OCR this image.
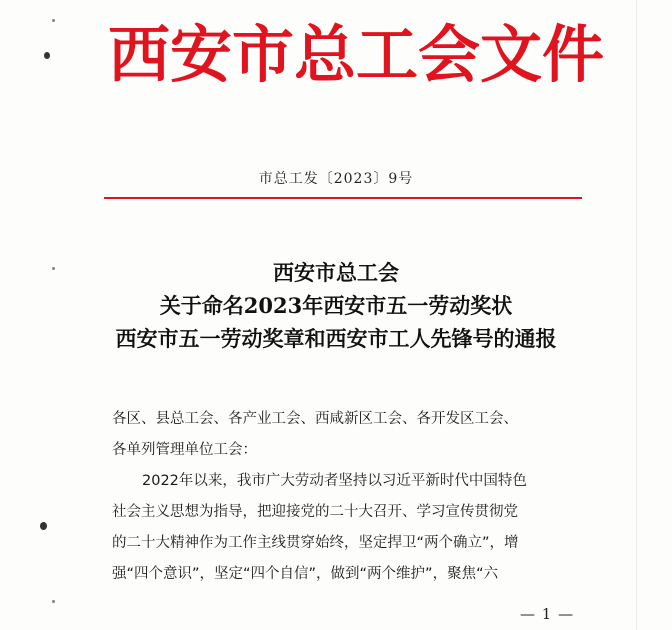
西安市总工会文件
市总工发〔2023〕9号
西安市总工会
关于命名2023年西安市五一劳动奖状
西安市五一劳动奖章和西安市工人先锋号的通报

各区、县总工会、各产业工会、西咸新区工会、各开发区工会、

各单列管理单位工会：

2022年以来，我市广大劳动者坚持以习近平新时代中国特色

社会主义思想为指导，把迎接党的二十大召开、学习宣传贯彻党

的二十大精神作为工作主线贯穿始终，坚定捍卫“两个确立”，增

强“四个意识”，坚定“四个自信”，做到“两个维护”，聚焦“六

— 1 —
